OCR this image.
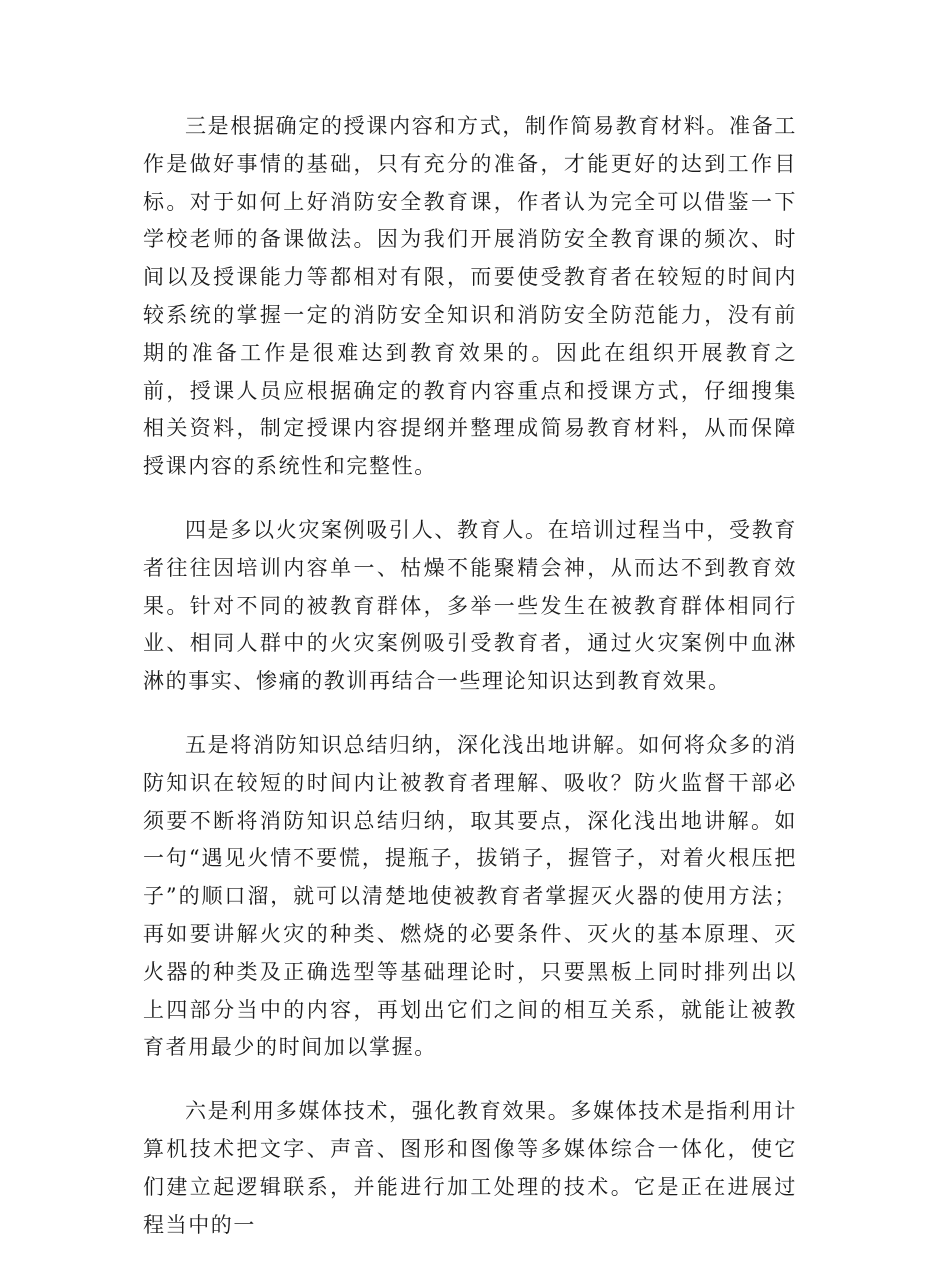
三是根据确定的授课内容和方式，制作简易教育材料。准备工作是做好事情的基础，只有充分的准备，才能更好的达到工作目标。对于如何上好消防安全教育课，作者认为完全可以借鉴一下学校老师的备课做法。因为我们开展消防安全教育课的频次、时间以及授课能力等都相对有限，而要使受教育者在较短的时间内较系统的掌握一定的消防安全知识和消防安全防范能力，没有前期的准备工作是很难达到教育效果的。因此在组织开展教育之前，授课人员应根据确定的教育内容重点和授课方式，仔细搜集相关资料，制定授课内容提纲并整理成简易教育材料，从而保障授课内容的系统性和完整性。

四是多以火灾案例吸引人、教育人。在培训过程当中，受教育者往往因培训内容单一、枯燥不能聚精会神，从而达不到教育效果。针对不同的被教育群体，多举一些发生在被教育群体相同行业、相同人群中的火灾案例吸引受教育者，通过火灾案例中血淋淋的事实、惨痛的教训再结合一些理论知识达到教育效果。

五是将消防知识总结归纳，深化浅出地讲解。如何将众多的消防知识在较短的时间内让被教育者理解、吸收？防火监督干部必须要不断将消防知识总结归纳，取其要点，深化浅出地讲解。如一句“遇见火情不要慌，提瓶子，拔销子，握管子，对着火根压把子”的顺口溜，就可以清楚地使被教育者掌握灭火器的使用方法；再如要讲解火灾的种类、燃烧的必要条件、灭火的基本原理、灭火器的种类及正确选型等基础理论时，只要黑板上同时排列出以上四部分当中的内容，再划出它们之间的相互关系，就能让被教育者用最少的时间加以掌握。

六是利用多媒体技术，强化教育效果。多媒体技术是指利用计算机技术把文字、声音、图形和图像等多媒体综合一体化，使它们建立起逻辑联系，并能进行加工处理的技术。它是正在进展过程当中的一
